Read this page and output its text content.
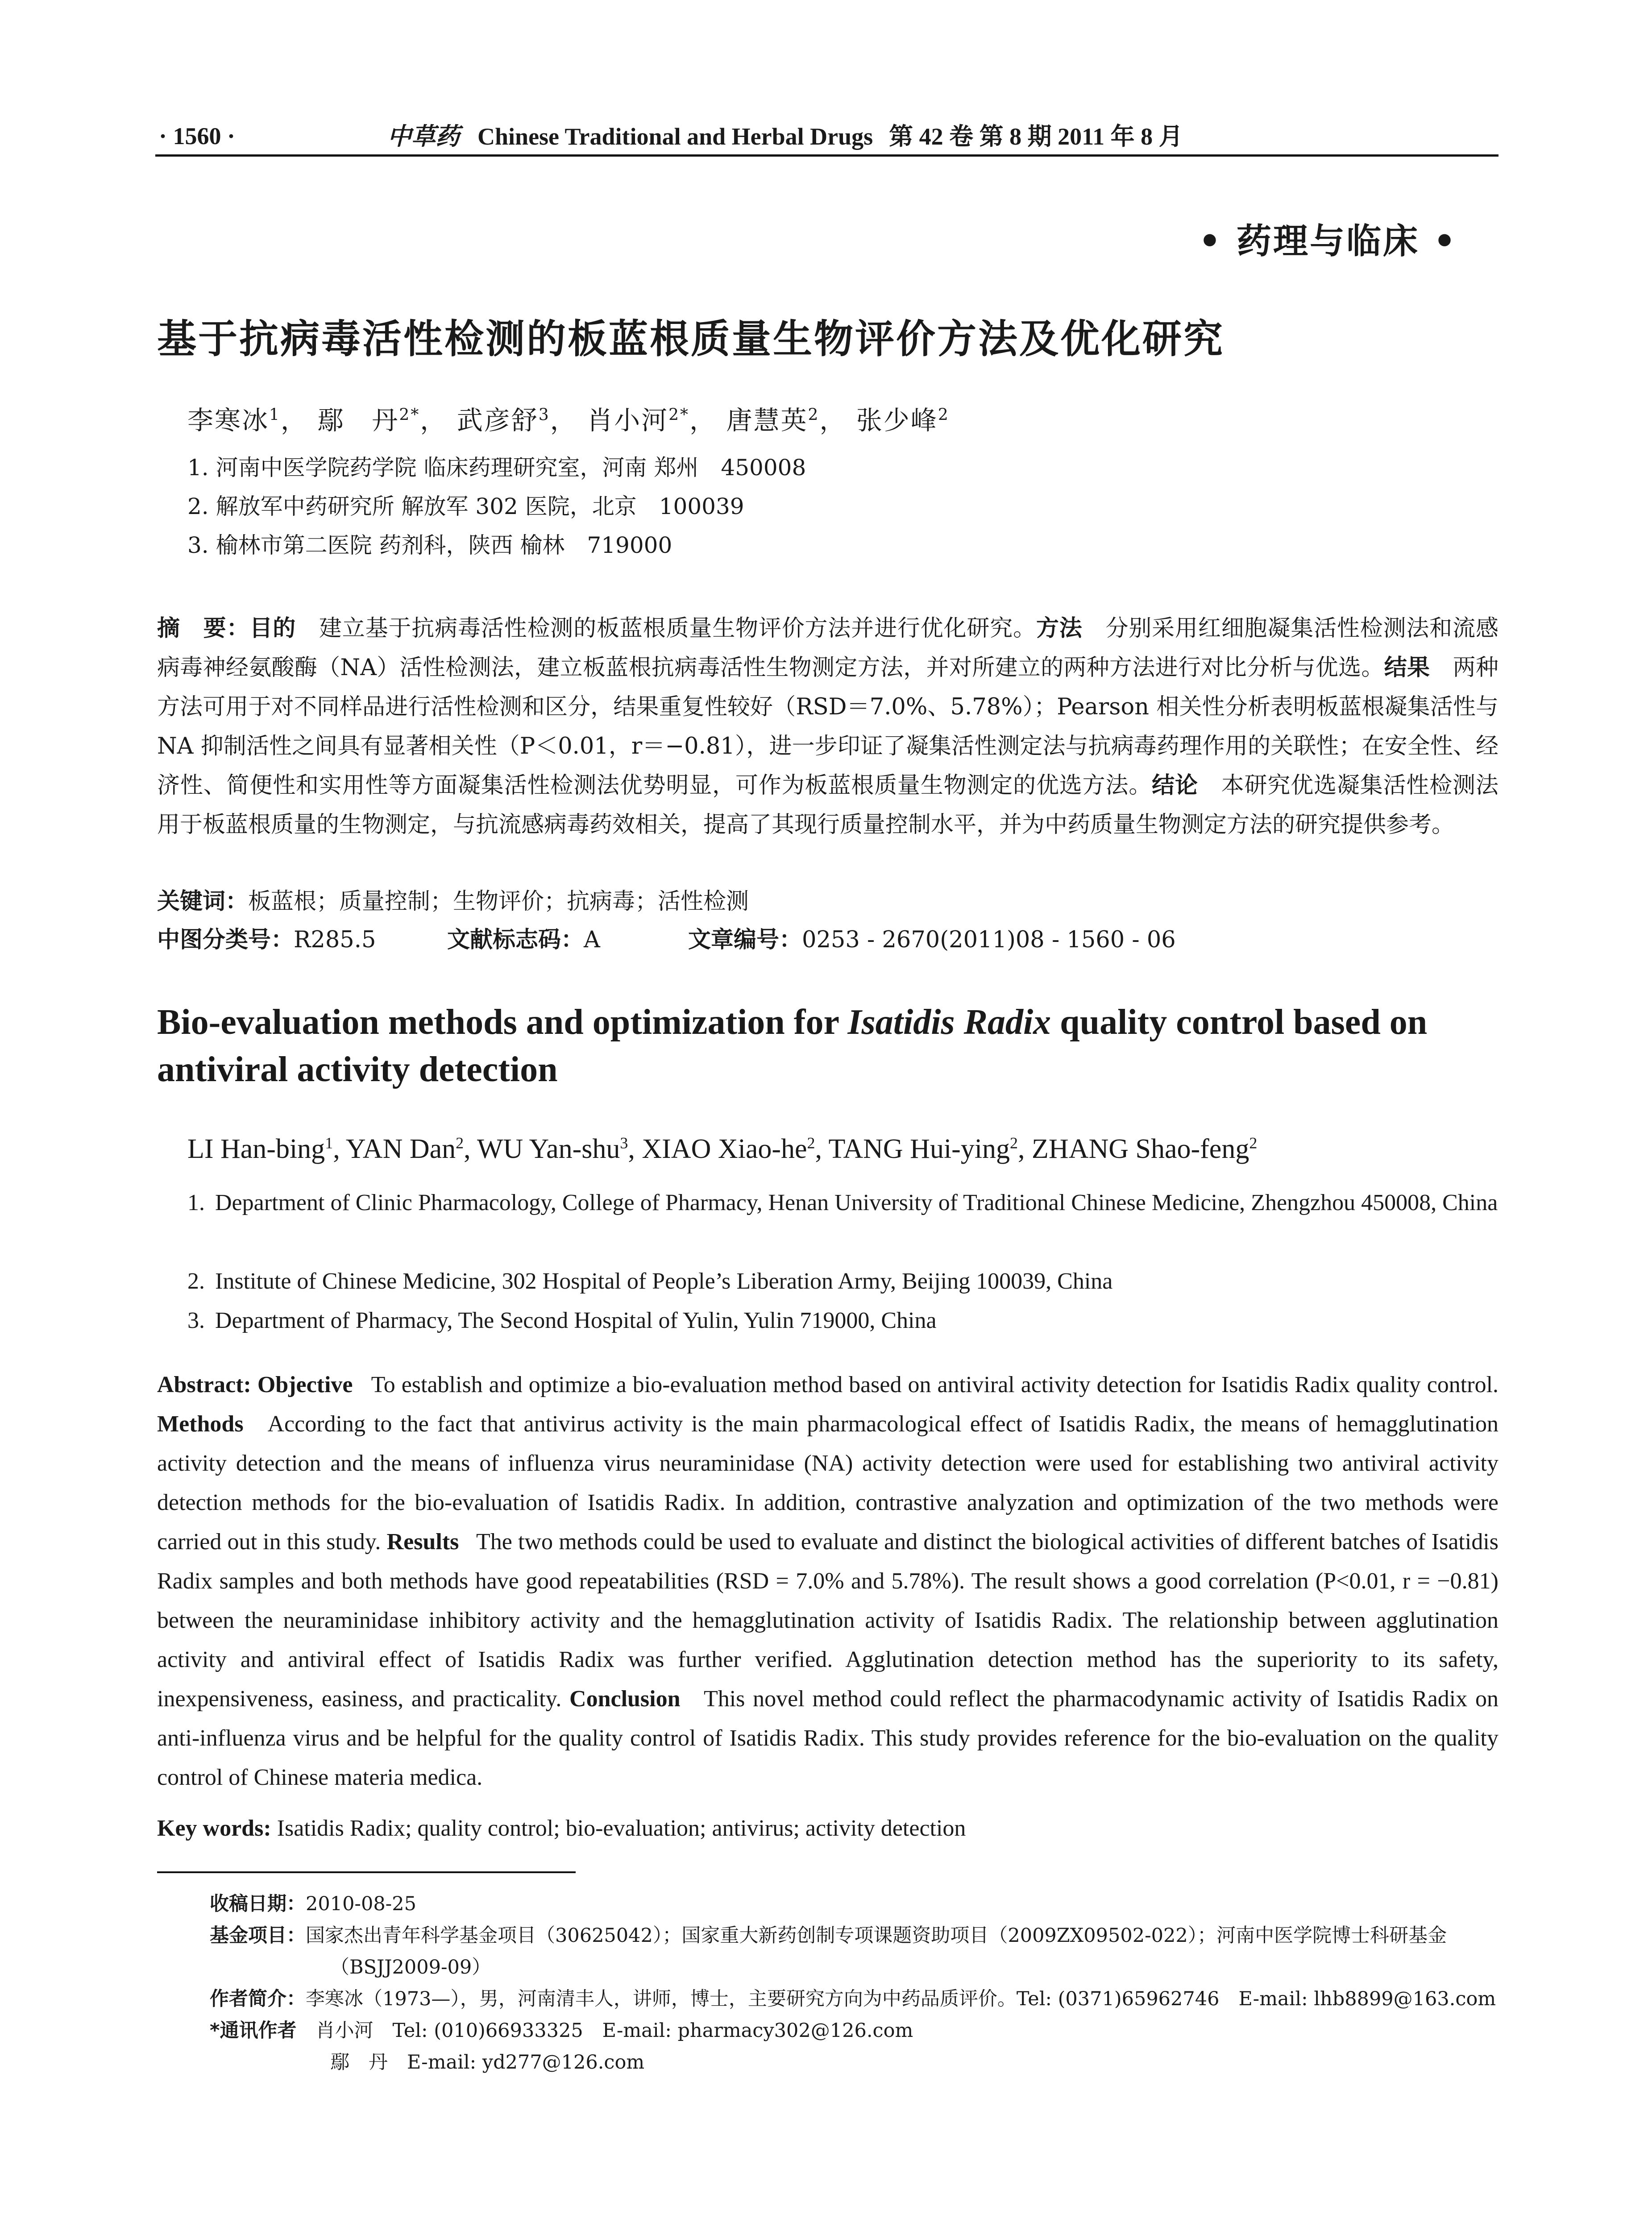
· 1560 ·	中草药 Chinese Traditional and Herbal Drugs 第 42 卷 第 8 期 2011 年 8 月
• 药理与临床 •
基于抗病毒活性检测的板蓝根质量生物评价方法及优化研究
李寒冰$^1$， 鄢　丹$^{2*}$， 武彦舒$^3$， 肖小河$^{2*}$， 唐慧英$^2$， 张少峰$^2$
1. 河南中医学院药学院 临床药理研究室，河南 郑州　450008
2. 解放军中药研究所 解放军 302 医院，北京　100039
3. 榆林市第二医院 药剂科，陕西 榆林　719000
摘　要：目的　 建立基于抗病毒活性检测的板蓝根质量生物评价方法并进行优化研究。方法　 分别采用红细胞凝集活性检测法和流感病毒神经氨酸酶（NA）活性检测法，建立板蓝根抗病毒活性生物测定方法，并对所建立的两种方法进行对比分析与优选。结果　 两种方法可用于对不同样品进行活性检测和区分，结果重复性较好（RSD＝7.0%、5.78%）；Pearson 相关性分析表明板蓝根凝集活性与 NA 抑制活性之间具有显著相关性（P＜0.01，r＝−0.81），进一步印证了凝集活性测定法与抗病毒药理作用的关联性；在安全性、经济性、简便性和实用性等方面凝集活性检测法优势明显，可作为板蓝根质量生物测定的优选方法。结论　 本研究优选凝集活性检测法用于板蓝根质量的生物测定，与抗流感病毒药效相关，提高了其现行质量控制水平，并为中药质量生物测定方法的研究提供参考。
关键词：板蓝根；质量控制；生物评价；抗病毒；活性检测
中图分类号：R285.5	文献标志码：A	文章编号：0253 - 2670(2011)08 - 1560 - 06
Bio-evaluation methods and optimization for Isatidis Radix quality control based on antiviral activity detection
LI Han-bing$^1$, YAN Dan$^2$, WU Yan-shu$^3$, XIAO Xiao-$he^2$, TANG Hui-ying$^2$, ZHANG Shao-feng$^2$
1. Department of Clinic Pharmacology, College of Pharmacy, Henan University of Traditional Chinese Medicine, Zhengzhou 450008, China
2. Institute of Chinese Medicine, 302 Hospital of People’s Liberation Army, Beijing 100039, China
3. Department of Pharmacy, The Second Hospital of Yulin, Yulin 719000, China
Abstract: Objective To establish and optimize a bio-evaluation method based on antiviral activity detection for Isatidis Radix quality control. Methods According to the fact that antivirus activity is the main pharmacological effect of Isatidis Radix, the means of hemagglutination activity detection and the means of influenza virus neuraminidase (NA) activity detection were used for establishing two antiviral activity detection methods for the bio-evaluation of Isatidis Radix. In addition, contrastive analyzation and optimization of the two methods were carried out in this study. Results The two methods could be used to evaluate and distinct the biological activities of different batches of Isatidis Radix samples and both methods have good repeatabilities (RSD = 7.0% and 5.78%). The result shows a good correlation (P<0.01, r = −0.81) between the neuraminidase inhibitory activity and the hemagglutination activity of Isatidis Radix. The relationship between agglutination activity and antiviral effect of Isatidis Radix was further verified. Agglutination detection method has the superiority to its safety, inexpensiveness, easiness, and practicality. Conclusion This novel method could reflect the pharmacodynamic activity of Isatidis Radix on anti-influenza virus and be helpful for the quality control of Isatidis Radix. This study provides reference for the bio-evaluation on the quality control of Chinese materia medica.
Key words: Isatidis Radix; quality control; bio-evaluation; antivirus; activity detection
收稿日期：2010-08-25
基金项目：国家杰出青年科学基金项目（30625042）；国家重大新药创制专项课题资助项目（2009ZX09502-022）；河南中医学院博士科研基金
（BSJJ2009-09）
作者简介：李寒冰（1973—），男，河南清丰人，讲师，博士，主要研究方向为中药品质评价。Tel: (0371)65962746　E-mail: lhb8899@163.com
*通讯作者　 肖小河　Tel: (010)66933325　E-mail: pharmacy302@126.com
鄢　丹　E-mail: yd277@126.com
